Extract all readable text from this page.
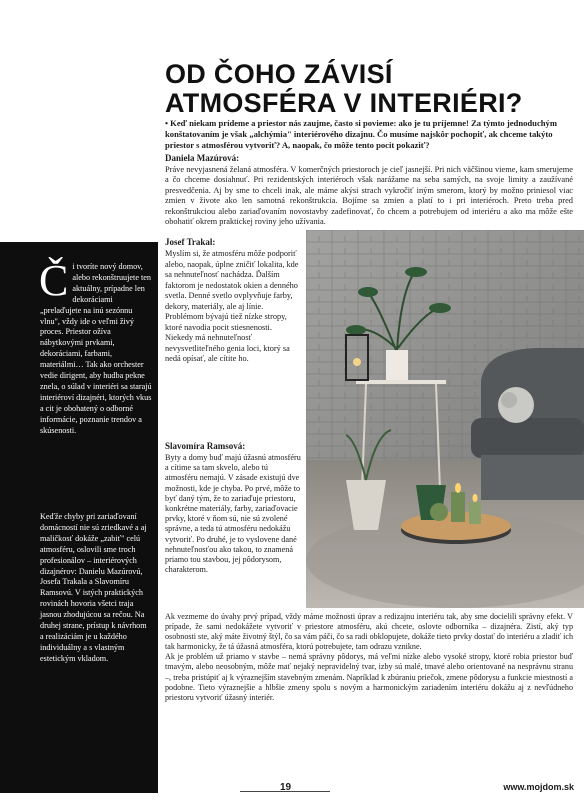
OD ČOHO ZÁVISÍ
ATMOSFÉRA V INTERIÉRI?

• Keď niekam prídeme a priestor nás zaujme, často si povieme: ako je tu príjemne! Za týmto jednoduchým konštatovaním je však „alchýmia" interiérového dizajnu. Čo musíme najskôr pochopiť, ak chceme takýto priestor s atmosférou vytvoriť? A, naopak, čo môže tento pocit pokaziť?

Daniela Mazúrová:

Práve nevyjasnená želaná atmosféra. V komerčných priestoroch je cieľ jasnejší. Pri nich väčšinou vieme, kam smerujeme a čo chceme dosiahnuť. Pri rezidentských interiéroch však narážame na seba samých, na svoje limity a zaužívané presvedčenia. Aj by sme to chceli inak, ale máme akýsi strach vykročiť iným smerom, ktorý by možno priniesol viac zmien v živote ako len samotná rekonštrukcia. Bojíme sa zmien a platí to i pri interiéroch. Preto treba pred rekonštrukciou alebo zariaďovaním novostavby zadefinovať, čo chcem a potrebujem od interiéru a ako ma môže ešte obohatiť okrem praktickej roviny jeho užívania.

Josef Trakal:

Myslím si, že atmosféru môže podporiť alebo, naopak, úplne zničiť lokalita, kde sa nehnuteľnosť nachádza. Ďalším faktorom je nedostatok okien a denného svetla. Denné svetlo ovplyvňuje farby, dekory, materiály, ale aj línie. Problémom bývajú tiež nízke stropy, ktoré navodia pocit stiesnenosti. Niekedy má nehnuteľnosť nevysvetliteľného genia loci, ktorý sa nedá opísať, ale cítite ho.

Slavomíra Ramsová:

Byty a domy buď majú úžasnú atmosféru a cítime sa tam skvelo, alebo tú atmosféru nemajú. V zásade existujú dve možnosti, kde je chyba. Po prvé, môže to byť daný tým, že to zariaďuje priestoru, konkrétne materiály, farby, zariaďovacie prvky, ktoré v ňom sú, nie sú zvolené správne, a teda tú atmosféru nedokážu vytvoriť. Po druhé, je to vyslovene dané nehnuteľnosťou ako takou, to znamená priamo tou stavbou, jej pôdorysom, charakterom.

Ak vezmeme do úvahy prvý prípad, vždy máme možnosti úprav a redizajnu interiéru tak, aby sme docielili správny efekt. V prípade, že sami nedokážete vytvoriť v priestore atmosféru, akú chcete, oslovte odborníka – dizajnéra. Zistí, aký typ osobnosti ste, aký máte životný štýl, čo sa vám páči, čo sa radi obklopujete, dokáže tieto prvky dostať do interiéru a zladiť ich tak harmonicky, že tá úžasná atmosféra, ktorú potrebujete, tam odrazu vznikne.

Ak je problém už priamo v stavbe – nemá správny pôdorys, má veľmi nízke alebo vysoké stropy, ktoré robia priestor buď tmavým, alebo neosobným, môže mať nejaký nepravidelný tvar, izby sú malé, tmavé alebo orientované na nesprávnu stranu –, treba pristúpiť aj k výraznejším stavebným zmenám. Napríklad k zbúraniu priečok, zmene pôdorysu a funkcie miestností a podobne. Tieto výraznejšie a hlbšie zmeny spolu s novým a harmonickým zariadením interiéru dokážu aj z nevľúdneho priestoru vytvoriť úžasný interiér.

Či tvoríte nový domov, alebo rekonštruujete ten aktuálny, prípadne len dekoráciami „prelaďujete na inú sezónnu vlnu", vždy ide o veľmi živý proces. Priestor ožíva nábytkovými prvkami, dekoráciami, farbami, materiálmi… Tak ako orchester vedie dirigent, aby hudba pekne znela, o súlad v interiéri sa starajú interiéroví dizajnéri, ktorých vkus a cit je obohatený o odborné informácie, poznanie trendov a skúsenosti.

Keďže chyby pri zariaďovaní domácností nie sú zriedkavé a aj maličkosť dokáže „zabiť" celú atmosféru, oslovili sme troch profesionálov – interiérových dizajnérov: Danielu Mazúrovú, Josefa Trakala a Slavomíru Ramsovú. V istých praktických rovinách hovoria všetci traja jasnou zhodujúcou sa rečou. Na druhej strane, prístup k návrhom a realizáciám je u každého individuálny a s vlastným estetickým vkladom.

19	www.mojdom.sk
